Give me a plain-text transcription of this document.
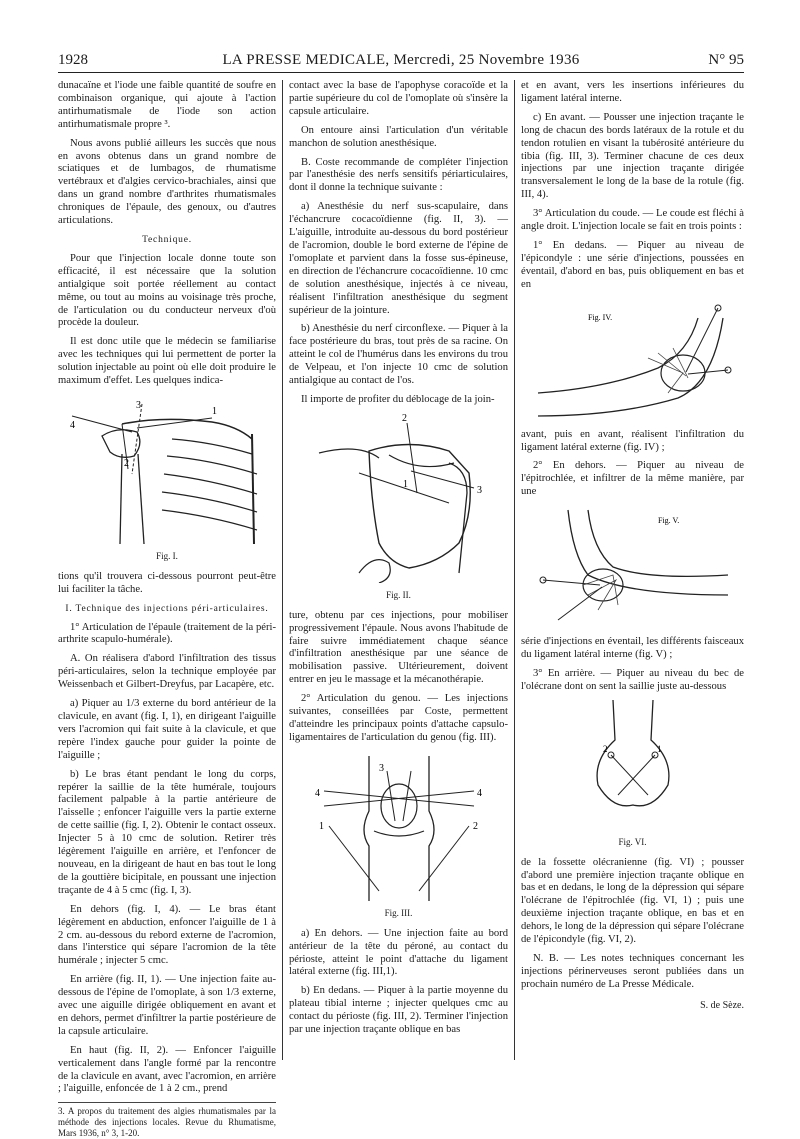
1928	LA PRESSE MEDICALE, Mercredi, 25 Novembre 1936	N° 95

dunacaïne et l'iode une faible quantité de soufre en combinaison organique, qui ajoute à l'action antirhumatismale de l'iode son action antirhumatismale propre ³.

Nous avons publié ailleurs les succès que nous en avons obtenus dans un grand nombre de sciatiques et de lumbagos, de rhumatisme vertébraux et d'algies cervico-brachiales, ainsi que dans un grand nombre d'arthrites rhumatismales chroniques de l'épaule, des genoux, ou d'autres articulations.

Technique.

Pour que l'injection locale donne toute son efficacité, il est nécessaire que la solution antialgique soit portée réellement au contact même, ou tout au moins au voisinage très proche, de l'articulation ou du conducteur nerveux d'où procède la douleur.

Il est donc utile que le médecin se familiarise avec les techniques qui lui permettent de porter la solution injectable au point où elle doit produire le maximum d'effet. Les quelques indica-

3
1
4
2

Fig. I.

tions qu'il trouvera ci-dessous pourront peut-être lui faciliter la tâche.

I. Technique des injections péri-articulaires.

1° Articulation de l'épaule (traitement de la péri-arthrite scapulo-humérale).

A. On réalisera d'abord l'infiltration des tissus péri-articulaires, selon la technique employée par Weissenbach et Gilbert-Dreyfus, par Lacapère, etc.

a) Piquer au 1/3 externe du bord antérieur de la clavicule, en avant (fig. I, 1), en dirigeant l'aiguille vers l'acromion qui fait suite à la clavicule, et que repère l'index gauche pour guider la pointe de l'aiguille ;

b) Le bras étant pendant le long du corps, repérer la saillie de la tête humérale, toujours facilement palpable à la partie antérieure de l'aisselle ; enfoncer l'aiguille vers la partie externe de cette saillie (fig. I, 2). Obtenir le contact osseux. Injecter 5 à 10 cmc de solution. Retirer très légèrement l'aiguille en arrière, et l'enfoncer de nouveau, en la dirigeant de haut en bas tout le long de la gouttière bicipitale, en poussant une injection traçante de 4 à 5 cmc (fig. I, 3).

En dehors (fig. I, 4). — Le bras étant légèrement en abduction, enfoncer l'aiguille de 1 à 2 cm. au-dessous du rebord externe de l'acromion, dans l'interstice qui sépare l'acromion de la tête humérale ; injecter 5 cmc.

En arrière (fig. II, 1). — Une injection faite au-dessous de l'épine de l'omoplate, à son 1/3 externe, avec une aiguille dirigée obliquement en avant et en dehors, permet d'infiltrer la partie postérieure de la capsule articulaire.

En haut (fig. II, 2). — Enfoncer l'aiguille verticalement dans l'angle formé par la rencontre de la clavicule en avant, avec l'acromion, en arrière ; l'aiguille, enfoncée de 1 à 2 cm., prend

3. A propos du traitement des algies rhumatismales par la méthode des injections locales. Revue du Rhumatisme, Mars 1936, n° 3, 1-20.

contact avec la base de l'apophyse coracoïde et la partie supérieure du col de l'omoplate où s'insère la capsule articulaire.

On entoure ainsi l'articulation d'un véritable manchon de solution anesthésique.

B. Coste recommande de compléter l'injection par l'anesthésie des nerfs sensitifs périarticulaires, dont il donne la technique suivante :

a) Anesthésie du nerf sus-scapulaire, dans l'échancrure cocacoïdienne (fig. II, 3). — L'aiguille, introduite au-dessous du bord postérieur de l'acromion, double le bord externe de l'épine de l'omoplate et parvient dans la fosse sus-épineuse, en direction de l'échancrure cocacoïdienne. 10 cmc de solution anesthésique, injectés à ce niveau, réalisent l'infiltration anesthésique du segment supérieur de la jointure.

b) Anesthésie du nerf circonflexe. — Piquer à la face postérieure du bras, tout près de sa racine. On atteint le col de l'humérus dans les environs du trou de Velpeau, et l'on injecte 10 cmc de solution antialgique au contact de l'os.

Il importe de profiter du déblocage de la join-

2
1
3

Fig. II.

ture, obtenu par ces injections, pour mobiliser progressivement l'épaule. Nous avons l'habitude de faire suivre immédiatement chaque séance d'infiltration anesthésique par une séance de mobilisation passive. Ultérieurement, doivent entrer en jeu le massage et la mécanothérapie.

2° Articulation du genou. — Les injections suivantes, conseillées par Coste, permettent d'atteindre les principaux points d'attache capsulo-ligamentaires de l'articulation du genou (fig. III).

3
4	4
1	2

Fig. III.

a) En dehors. — Une injection faite au bord antérieur de la tête du péroné, au contact du périoste, atteint le point d'attache du ligament latéral externe (fig. III,1).

b) En dedans. — Piquer à la partie moyenne du plateau tibial interne ; injecter quelques cmc au contact du périoste (fig. III, 2). Terminer l'injection par une injection traçante oblique en bas

et en avant, vers les insertions inférieures du ligament latéral interne.

c) En avant. — Pousser une injection traçante le long de chacun des bords latéraux de la rotule et du tendon rotulien en visant la tubérosité antérieure du tibia (fig. III, 3). Terminer chacune de ces deux injections par une injection traçante dirigée transversalement le long de la base de la rotule (fig. III, 4).

3° Articulation du coude. — Le coude est fléchi à angle droit. L'injection locale se fait en trois points :

1° En dedans. — Piquer au niveau de l'épicondyle : une série d'injections, poussées en éventail, d'abord en bas, puis obliquement en bas et en

Fig. IV.

avant, puis en avant, réalisent l'infiltration du ligament latéral externe (fig. IV) ;

2° En dehors. — Piquer au niveau de l'épitrochlée, et infiltrer de la même manière, par une

Fig. V.

série d'injections en éventail, les différents faisceaux du ligament latéral interne (fig. V) ;

3° En arrière. — Piquer au niveau du bec de l'olécrane dont on sent la saillie juste au-dessous

2	1

Fig. VI.

de la fossette olécranienne (fig. VI) ; pousser d'abord une première injection traçante oblique en bas et en dedans, le long de la dépression qui sépare l'olécrane de l'épitrochlée (fig. VI, 1) ; puis une deuxième injection traçante oblique, en bas et en dehors, le long de la dépression qui sépare l'olécrane de l'épicondyle (fig. VI, 2).

N. B. — Les notes techniques concernant les injections périnerveuses seront publiées dans un prochain numéro de La Presse Médicale.

S. de Sèze.
